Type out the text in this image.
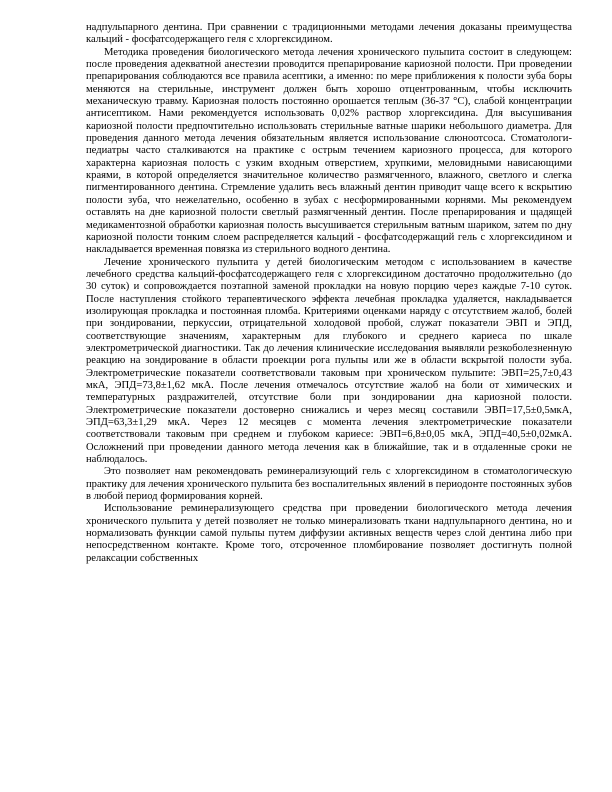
надпульпарного дентина. При сравнении с традиционными методами лечения доказаны преимущества кальций - фосфатсодержащего геля с хлоргексидином.

Методика проведения биологического метода лечения хронического пульпита состоит в следующем: после проведения адекватной анестезии проводится препарирование кариозной полости. При проведении препарирования соблюдаются все правила асептики, а именно: по мере приближения к полости зуба боры меняются на стерильные, инструмент должен быть хорошо отцентрованным, чтобы исключить механическую травму. Кариозная полость постоянно орошается теплым (36-37 °С), слабой концентрации антисептиком. Нами рекомендуется использовать 0,02% раствор хлоргексидина. Для высушивания кариозной полости предпочтительно использовать стерильные ватные шарики небольшого диаметра. Для проведения данного метода лечения обязательным является использование слюноотсоса. Стоматологи-педиатры часто сталкиваются на практике с острым течением кариозного процесса, для которого характерна кариозная полость с узким входным отверстием, хрупкими, меловидными нависающими краями, в которой определяется значительное количество размягченного, влажного, светлого и слегка пигментированного дентина. Стремление удалить весь влажный дентин приводит чаще всего к вскрытию полости зуба, что нежелательно, особенно в зубах с несформированными корнями. Мы рекомендуем оставлять на дне кариозной полости светлый размягченный дентин. После препарирования и щадящей медикаментозной обработки кариозная полость высушивается стерильным ватным шариком, затем по дну кариозной полости тонким слоем распределяется кальций - фосфатсодержащий гель с хлоргексидином и накладывается временная повязка из стерильного водного дентина.

Лечение хронического пульпита у детей биологическим методом с использованием в качестве лечебного средства кальций-фосфатсодержащего геля с хлоргексидином достаточно продолжительно (до 30 суток) и сопровождается поэтапной заменой прокладки на новую порцию через каждые 7-10 суток. После наступления стойкого терапевтического эффекта лечебная прокладка удаляется, накладывается изолирующая прокладка и постоянная пломба. Критериями оценками наряду с отсутствием жалоб, болей при зондировании, перкуссии, отрицательной холодовой пробой, служат показатели ЭВП и ЭПД, соответствующие значениям, характерным для глубокого и среднего кариеса по шкале электрометрической диагностики. Так до лечения клинические исследования выявляли резкоболезненную реакцию на зондирование в области проекции рога пульпы или же в области вскрытой полости зуба. Электрометрические показатели соответствовали таковым при хроническом пульпите: ЭВП=25,7±0,43 мкА, ЭПД=73,8±1,62 мкА. После лечения отмечалось отсутствие жалоб на боли от химических и температурных раздражителей, отсутствие боли при зондировании дна кариозной полости. Электрометрические показатели достоверно снижались и через месяц составили ЭВП=17,5±0,5мкА, ЭПД=63,3±1,29 мкА. Через 12 месяцев с момента лечения электрометрические показатели соответствовали таковым при среднем и глубоком кариесе: ЭВП=6,8±0,05 мкА, ЭПД=40,5±0,02мкА. Осложнений при проведении данного метода лечения как в ближайшие, так и в отдаленные сроки не наблюдалось.

Это позволяет нам рекомендовать реминерализующий гель с хлоргексидином в стоматологическую практику для лечения хронического пульпита без воспалительных явлений в периодонте постоянных зубов в любой период формирования корней.

Использование реминерализующего средства при проведении биологического метода лечения хронического пульпита у детей позволяет не только минерализовать ткани надпульпарного дентина, но и нормализовать функции самой пульпы путем диффузии активных веществ через слой дентина либо при непосредственном контакте. Кроме того, отсроченное пломбирование позволяет достигнуть полной релаксации собственных
